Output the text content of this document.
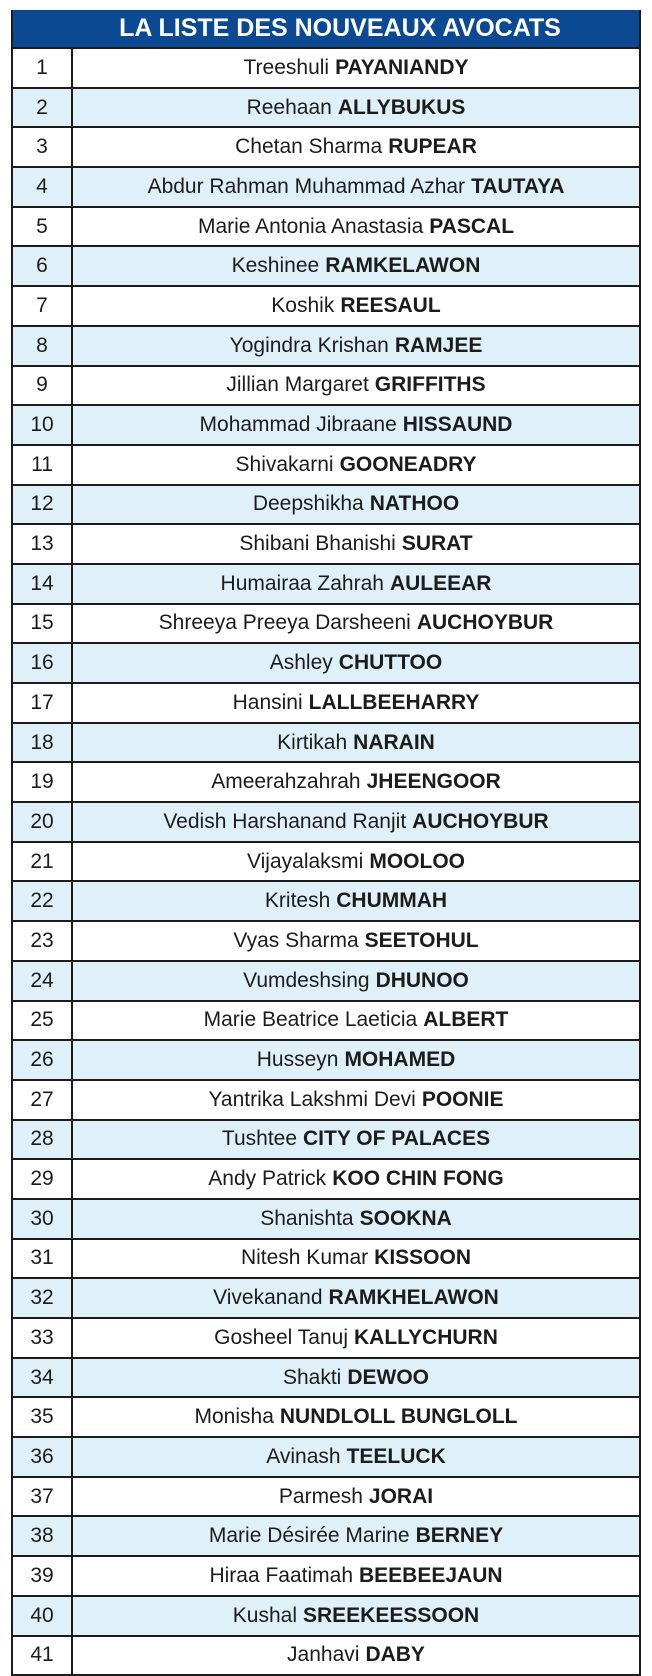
LA LISTE DES NOUVEAUX AVOCATS
1	Treeshuli PAYANIANDY
2	Reehaan ALLYBUKUS
3	Chetan Sharma RUPEAR
4	Abdur Rahman Muhammad Azhar TAUTAYA
5	Marie Antonia Anastasia PASCAL
6	Keshinee RAMKELAWON
7	Koshik REESAUL
8	Yogindra Krishan RAMJEE
9	Jillian Margaret GRIFFITHS
10	Mohammad Jibraane HISSAUND
11	Shivakarni GOONEADRY
12	Deepshikha NATHOO
13	Shibani Bhanishi SURAT
14	Humairaa Zahrah AULEEAR
15	Shreeya Preeya Darsheeni AUCHOYBUR
16	Ashley CHUTTOO
17	Hansini LALLBEEHARRY
18	Kirtikah NARAIN
19	Ameerahzahrah JHEENGOOR
20	Vedish Harshanand Ranjit AUCHOYBUR
21	Vijayalaksmi MOOLOO
22	Kritesh CHUMMAH
23	Vyas Sharma SEETOHUL
24	Vumdeshsing DHUNOO
25	Marie Beatrice Laeticia ALBERT
26	Husseyn MOHAMED
27	Yantrika Lakshmi Devi POONIE
28	Tushtee CITY OF PALACES
29	Andy Patrick KOO CHIN FONG
30	Shanishta SOOKNA
31	Nitesh Kumar KISSOON
32	Vivekanand RAMKHELAWON
33	Gosheel Tanuj KALLYCHURN
34	Shakti DEWOO
35	Monisha NUNDLOLL BUNGLOLL
36	Avinash TEELUCK
37	Parmesh JORAI
38	Marie Désirée Marine BERNEY
39	Hiraa Faatimah BEEBEEJAUN
40	Kushal SREEKEESSOON
41	Janhavi DABY
